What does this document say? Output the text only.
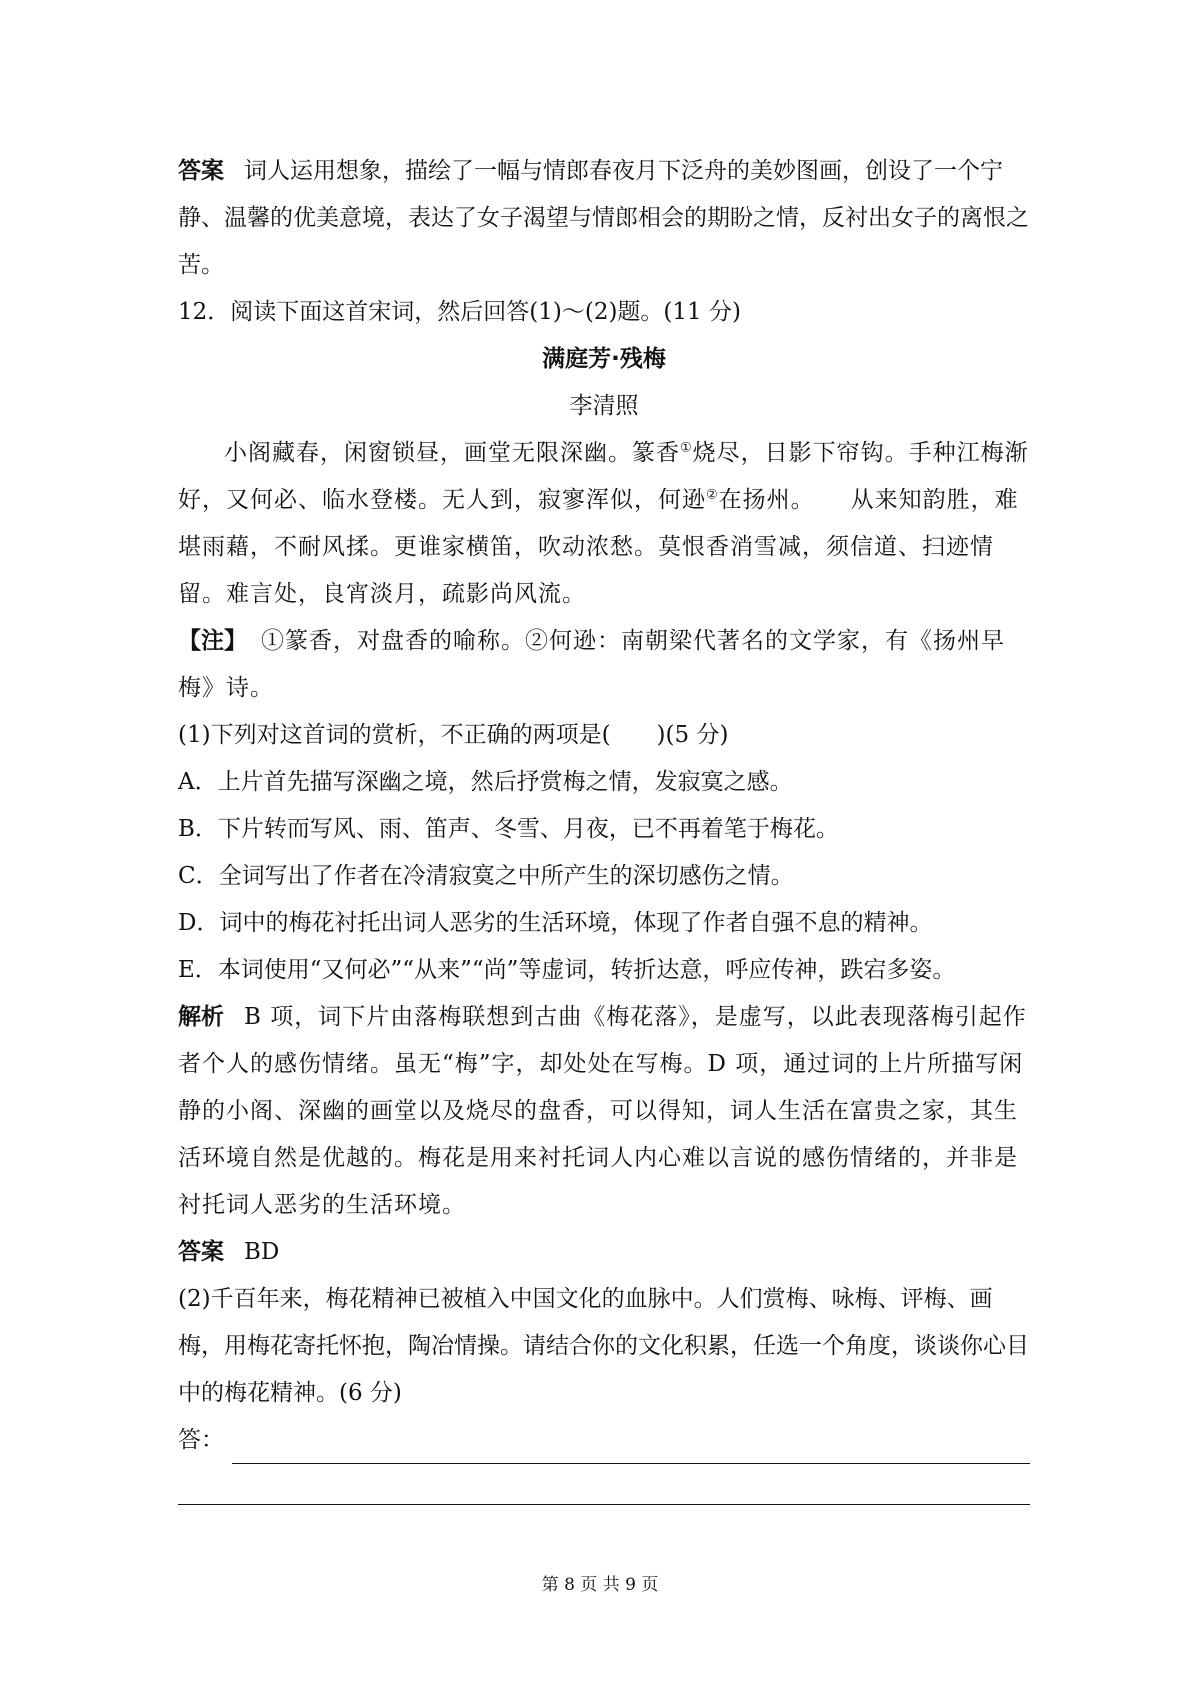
答案 词人运用想象，描绘了一幅与情郎春夜月下泛舟的美妙图画，创设了一个宁静、温馨的优美意境，表达了女子渴望与情郎相会的期盼之情，反衬出女子的离恨之苦。

12．阅读下面这首宋词，然后回答(1)～(2)题。(11 分)

满庭芳·残梅

李清照

小阁藏春，闲窗锁昼，画堂无限深幽。篆香①烧尽，日影下帘钩。手种江梅渐好，又何必、临水登楼。无人到，寂寥浑似，何逊②在扬州。 从来知韵胜，难堪雨藉，不耐风揉。更谁家横笛，吹动浓愁。莫恨香消雪减，须信道、扫迹情留。难言处，良宵淡月，疏影尚风流。

【注】 ①篆香，对盘香的喻称。②何逊：南朝梁代著名的文学家，有《扬州早梅》诗。

(1)下列对这首词的赏析，不正确的两项是(　　)(5 分)

A．上片首先描写深幽之境，然后抒赏梅之情，发寂寞之感。

B．下片转而写风、雨、笛声、冬雪、月夜，已不再着笔于梅花。

C．全词写出了作者在冷清寂寞之中所产生的深切感伤之情。

D．词中的梅花衬托出词人恶劣的生活环境，体现了作者自强不息的精神。

E．本词使用“又何必”“从来”“尚”等虚词，转折达意，呼应传神，跌宕多姿。

解析 B 项，词下片由落梅联想到古曲《梅花落》，是虚写，以此表现落梅引起作者个人的感伤情绪。虽无“梅”字，却处处在写梅。D 项，通过词的上片所描写闲静的小阁、深幽的画堂以及烧尽的盘香，可以得知，词人生活在富贵之家，其生活环境自然是优越的。梅花是用来衬托词人内心难以言说的感伤情绪的，并非是衬托词人恶劣的生活环境。

答案 BD

(2)千百年来，梅花精神已被植入中国文化的血脉中。人们赏梅、咏梅、评梅、画梅，用梅花寄托怀抱，陶冶情操。请结合你的文化积累，任选一个角度，谈谈你心目中的梅花精神。(6 分)

答：
第 8 页 共 9 页
